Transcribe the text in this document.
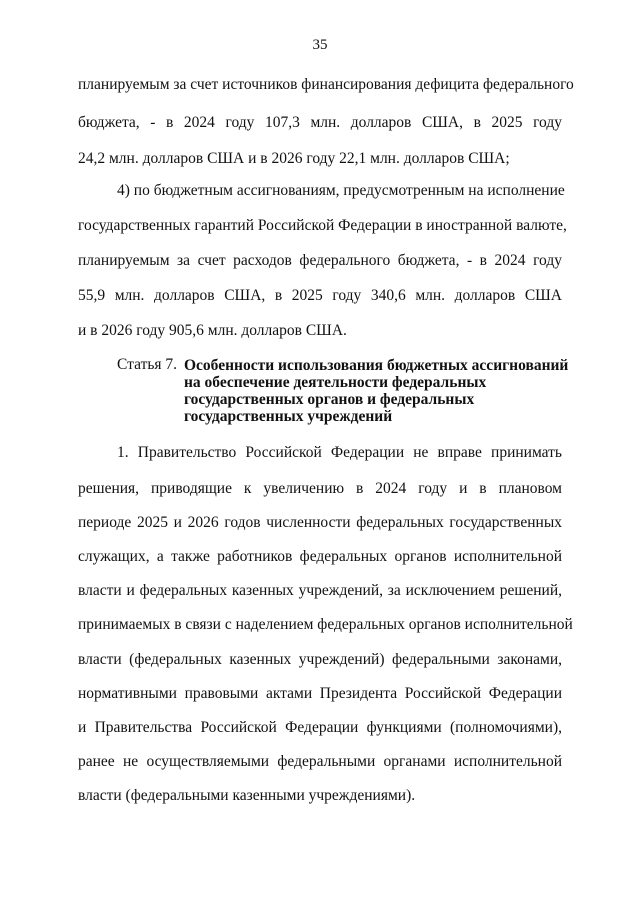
35
планируемым за счет источников финансирования дефицита федерального
бюджета, - в 2024 году 107,3 млн. долларов США, в 2025 году
24,2 млн. долларов США и в 2026 году 22,1 млн. долларов США;
4) по бюджетным ассигнованиям, предусмотренным на исполнение
государственных гарантий Российской Федерации в иностранной валюте,
планируемым за счет расходов федерального бюджета, - в 2024 году
55,9 млн. долларов США, в 2025 году 340,6 млн. долларов США
и в 2026 году 905,6 млн. долларов США.
Статья 7. Особенности использования бюджетных ассигнований
на обеспечение деятельности федеральных
государственных органов и федеральных
государственных учреждений
1. Правительство Российской Федерации не вправе принимать
решения, приводящие к увеличению в 2024 году и в плановом
периоде 2025 и 2026 годов численности федеральных государственных
служащих, а также работников федеральных органов исполнительной
власти и федеральных казенных учреждений, за исключением решений,
принимаемых в связи с наделением федеральных органов исполнительной
власти (федеральных казенных учреждений) федеральными законами,
нормативными правовыми актами Президента Российской Федерации
и Правительства Российской Федерации функциями (полномочиями),
ранее не осуществляемыми федеральными органами исполнительной
власти (федеральными казенными учреждениями).
